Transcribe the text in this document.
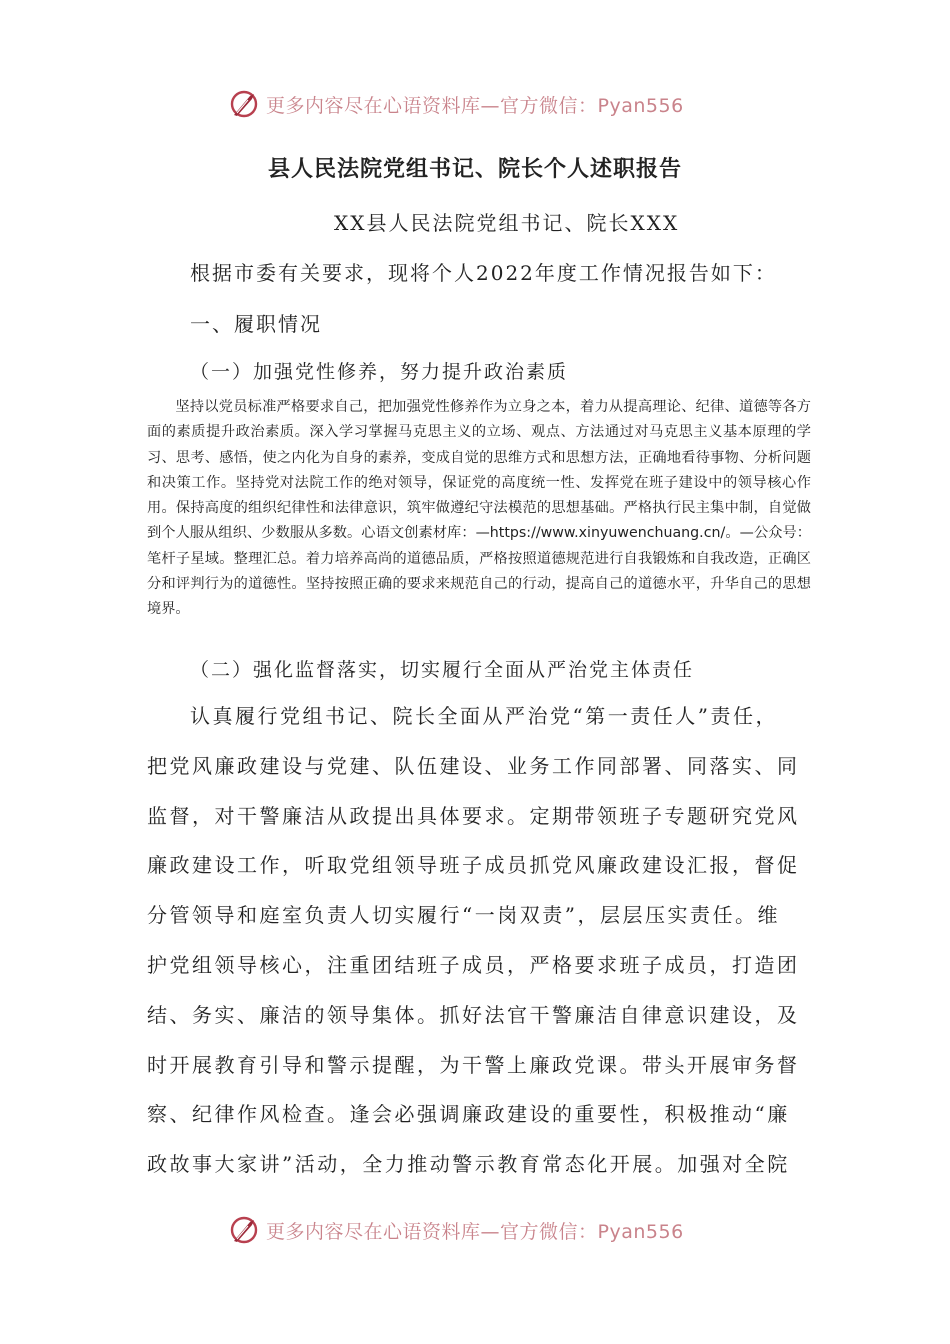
更多内容尽在心语资料库—官方微信：Pyan556
县人民法院党组书记、院长个人述职报告
XX县人民法院党组书记、院长XXX
根据市委有关要求，现将个人2022年度工作情况报告如下：
一、履职情况
（一）加强党性修养，努力提升政治素质
坚持以党员标准严格要求自己，把加强党性修养作为立身之本，着力从提高理论、纪律、道德等各方面的素质提升政治素质。深入学习掌握马克思主义的立场、观点、方法通过对马克思主义基本原理的学习、思考、感悟，使之内化为自身的素养，变成自觉的思维方式和思想方法，正确地看待事物、分析问题和决策工作。坚持党对法院工作的绝对领导，保证党的高度统一性、发挥党在班子建设中的领导核心作用。保持高度的组织纪律性和法律意识，筑牢做遵纪守法模范的思想基础。严格执行民主集中制，自觉做到个人服从组织、少数服从多数。心语文创素材库：—https://www.xinyuwenchuang.cn/。—公众号：笔杆子星域。整理汇总。着力培养高尚的道德品质，严格按照道德规范进行自我锻炼和自我改造，正确区分和评判行为的道德性。坚持按照正确的要求来规范自己的行动，提高自己的道德水平，升华自己的思想境界。
（二）强化监督落实，切实履行全面从严治党主体责任
认真履行党组书记、院长全面从严治党“第一责任人”责任，
把党风廉政建设与党建、队伍建设、业务工作同部署、同落实、同
监督，对干警廉洁从政提出具体要求。定期带领班子专题研究党风
廉政建设工作，听取党组领导班子成员抓党风廉政建设汇报，督促
分管领导和庭室负责人切实履行“一岗双责”，层层压实责任。维
护党组领导核心，注重团结班子成员，严格要求班子成员，打造团
结、务实、廉洁的领导集体。抓好法官干警廉洁自律意识建设，及
时开展教育引导和警示提醒，为干警上廉政党课。带头开展审务督
察、纪律作风检查。逢会必强调廉政建设的重要性，积极推动“廉
政故事大家讲”活动，全力推动警示教育常态化开展。加强对全院
更多内容尽在心语资料库—官方微信：Pyan556
